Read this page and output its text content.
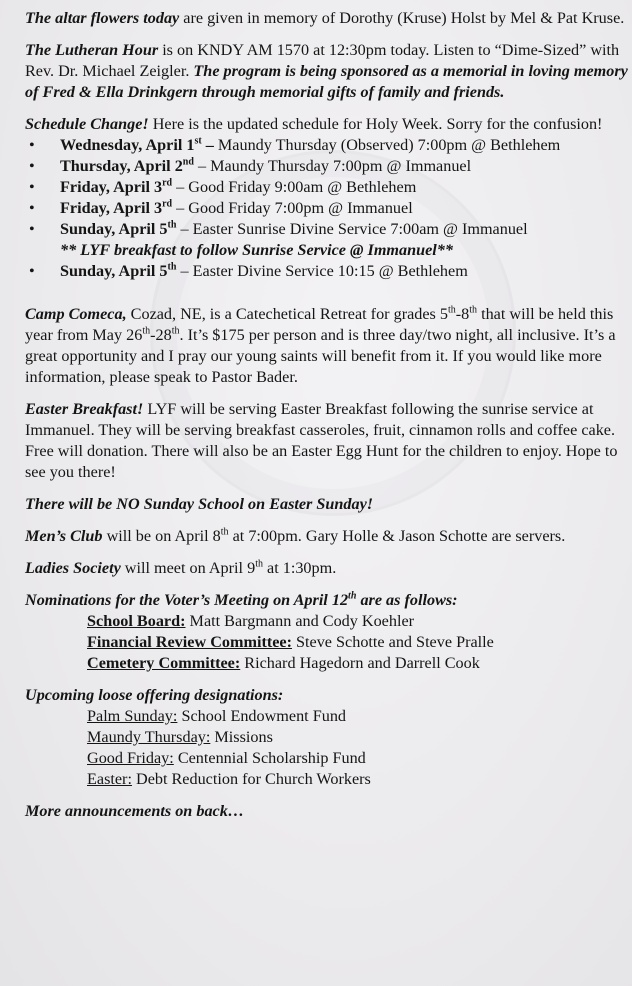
The altar flowers today are given in memory of Dorothy (Kruse) Holst by Mel & Pat Kruse.

The Lutheran Hour is on KNDY AM 1570 at 12:30pm today. Listen to “Dime-Sized” with Rev. Dr. Michael Zeigler. The program is being sponsored as a memorial in loving memory of Fred & Ella Drinkgern through memorial gifts of family and friends.

Schedule Change! Here is the updated schedule for Holy Week. Sorry for the confusion!

• Wednesday, April 1st – Maundy Thursday (Observed) 7:00pm @ Bethlehem
• Thursday, April 2nd – Maundy Thursday 7:00pm @ Immanuel
• Friday, April 3rd – Good Friday 9:00am @ Bethlehem
• Friday, April 3rd – Good Friday 7:00pm @ Immanuel
• Sunday, April 5th – Easter Sunrise Divine Service 7:00am @ Immanuel
** LYF breakfast to follow Sunrise Service @ Immanuel**
• Sunday, April 5th – Easter Divine Service 10:15 @ Bethlehem

Camp Comeca, Cozad, NE, is a Catechetical Retreat for grades 5th-8th that will be held this year from May 26th-28th. It’s $175 per person and is three day/two night, all inclusive. It’s a great opportunity and I pray our young saints will benefit from it. If you would like more information, please speak to Pastor Bader.

Easter Breakfast! LYF will be serving Easter Breakfast following the sunrise service at Immanuel. They will be serving breakfast casseroles, fruit, cinnamon rolls and coffee cake. Free will donation. There will also be an Easter Egg Hunt for the children to enjoy. Hope to see you there!

There will be NO Sunday School on Easter Sunday!

Men’s Club will be on April 8th at 7:00pm. Gary Holle & Jason Schotte are servers.

Ladies Society will meet on April 9th at 1:30pm.

Nominations for the Voter’s Meeting on April 12th are as follows:
School Board: Matt Bargmann and Cody Koehler
Financial Review Committee: Steve Schotte and Steve Pralle
Cemetery Committee: Richard Hagedorn and Darrell Cook
Upcoming loose offering designations:
Palm Sunday: School Endowment Fund
Maundy Thursday: Missions
Good Friday: Centennial Scholarship Fund
Easter: Debt Reduction for Church Workers

More announcements on back…
